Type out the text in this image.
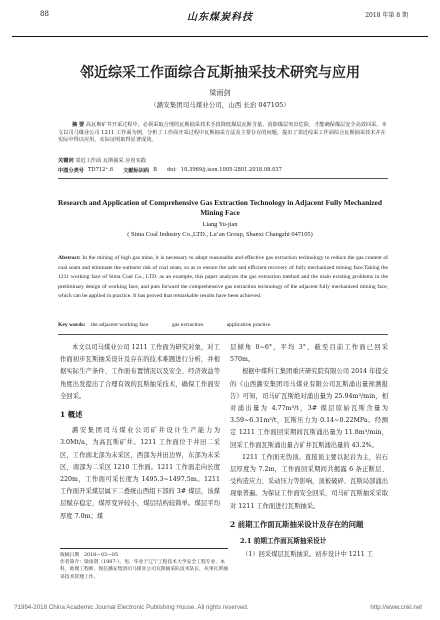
88	山东煤炭科技	2018 年第 8 期
邻近综采工作面综合瓦斯抽采技术研究与应用
梁雨剑
（潞安集团司马煤业公司，山西 长治 047105）
摘 要 高瓦斯矿井开采过程中，必须采取合理的瓦斯抽采技术手段降低煤层瓦斯含量、消除煤层突出危险，才能确保煤层安全高效回采。本文以司马煤业公司 1211 工作面为例，分析了工作面开采过程中瓦斯抽采方法及主要存在的问题，提出了邻近综采工作面综合瓦斯抽采技术并在实际中得以应用，实际证明取得显著成效。
关键词 邻近工作面 瓦斯抽采 应用实践
中图分类号 TD712⁺.6 文献标识码 B doi: 10.3969/j.issn.1005-2801.2018.08.037
Research and Application of Comprehensive Gas Extraction Technology in Adjacent Fully Mechanized Mining Face
Liang Yu-jian
( Sima Coal Industry Co.,LTD., Lu’an Group, Shanxi Changzhi 047105)
Abstract: In the mining of high gas mine, it is necessary to adopt reasonable and effective gas extraction technology to reduce the gas content of coal seam and eliminate the outburst risk of coal seam, so as to ensure the safe and efficient recovery of fully mechanized mining face.Taking the 1211 working face of Sima Coal Co., LTD. as an example, this paper analyzes the gas extraction method and the main existing problems in the preliminary design of working face, and puts forward the comprehensive gas extraction technology of the adjacent fully mechanized mining face, which can be applied in practice. It has proved that remarkable results have been achieved.
Key words: the adjacent working face	gas extraction	application practice

本文以司马煤业公司 1211 工作面为研究对象，对工作面初步瓦斯抽采设计及存在的技术难题进行分析，并根据实际生产条件、工作面布置情况以及安全、经济效益等角度出发提出了合理有效的瓦斯抽采技术，确保工作面安全回采。

1 概述

潞安集团司马煤业公司矿井设计生产能力为 3.0Mt/a，为高瓦斯矿井。1211 工作面位于井田二采区，工作面北部为未采区，西部为井田边界，东部为未采区，南部为二采区 1210 工作面。1211 工作面走向长度 220m，工作面可采长度为 1495.3~1497.5m。1211 工作面开采煤层属下二叠统山西组下部的 3# 煤层，该煤层赋存稳定，煤厚变异较小，煤层结构较简单。煤层平均厚度 7.0m；煤

层倾角 0~6°，平均 3°，截至目前工作面已回采 570m。

根据中煤科工集团重庆研究院有限公司 2014 年提交的《山西潞安集团司马煤业有限公司瓦斯涌出量预测报告》可知，司马矿瓦斯绝对涌出量为 25.94m³/min，相对涌出量为 4.77m³/t，3# 煤层原始瓦斯含量为 3.59~6.31m³/t，瓦斯压力为 0.14~0.22MPa。经测定 1211 工作面回采期间瓦斯涌出量为 11.8m³/min，回采工作面瓦斯涌出量占矿井瓦斯涌出量的 43.2%。

1211 工作面无伪顶。直接顶主要以泥岩为主，岩石层厚度为 7.2m，工作面回采期间共揭露 6 条正断层、受构造应力、采动压力等影响，顶板破碎、瓦斯局部涌出现象普遍。为保证工作面安全回采，司马矿瓦斯抽采采取对 1211 工作面进行瓦斯抽采。

2 前期工作面瓦斯抽采设计及存在的问题
2.1 前期工作面瓦斯抽采设计

（1）回采煤层瓦斯抽采。初步设计中 1211 工

收稿日期　2018—03—05

作者简介：梁雨剑（1987-），男，毕业于辽宁工程技术大学安全工程专业，本科，助理工程师，现任潞安集团司马煤业公司瓦斯抽采队技术队长，从事瓦斯抽采技术管理工作。

?1994-2018 China Academic Journal Electronic Publishing House. All rights reserved.	http://www.cnki.net
